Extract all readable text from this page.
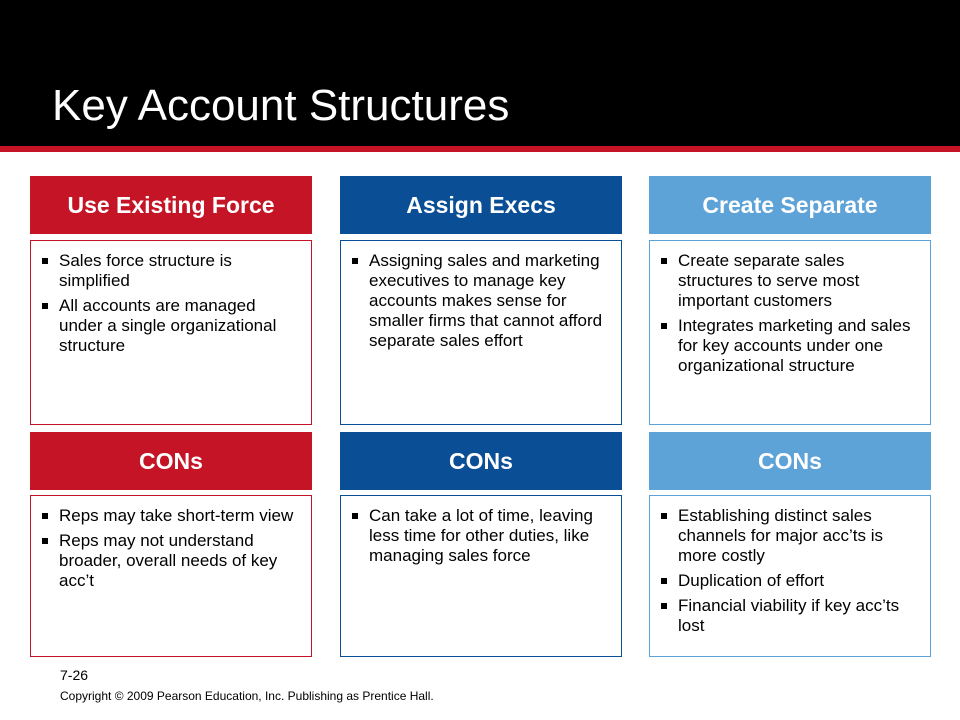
Key Account Structures
Use Existing Force
Sales force structure is simplified
All accounts are managed under a single organizational structure
CONs
Reps may take short-term view
Reps may not understand broader, overall needs of key acc’t
Assign Execs
Assigning sales and marketing executives to manage key accounts makes sense for smaller firms that cannot afford separate sales effort
CONs
Can take a lot of time, leaving less time for other duties, like managing sales force
Create Separate
Create separate sales structures to serve most important customers
Integrates marketing and sales for key accounts under one organizational structure
CONs
Establishing distinct sales channels for major acc’ts is more costly
Duplication of effort
Financial viability if key acc’ts lost
7-26
Copyright © 2009 Pearson Education, Inc. Publishing as Prentice Hall.
